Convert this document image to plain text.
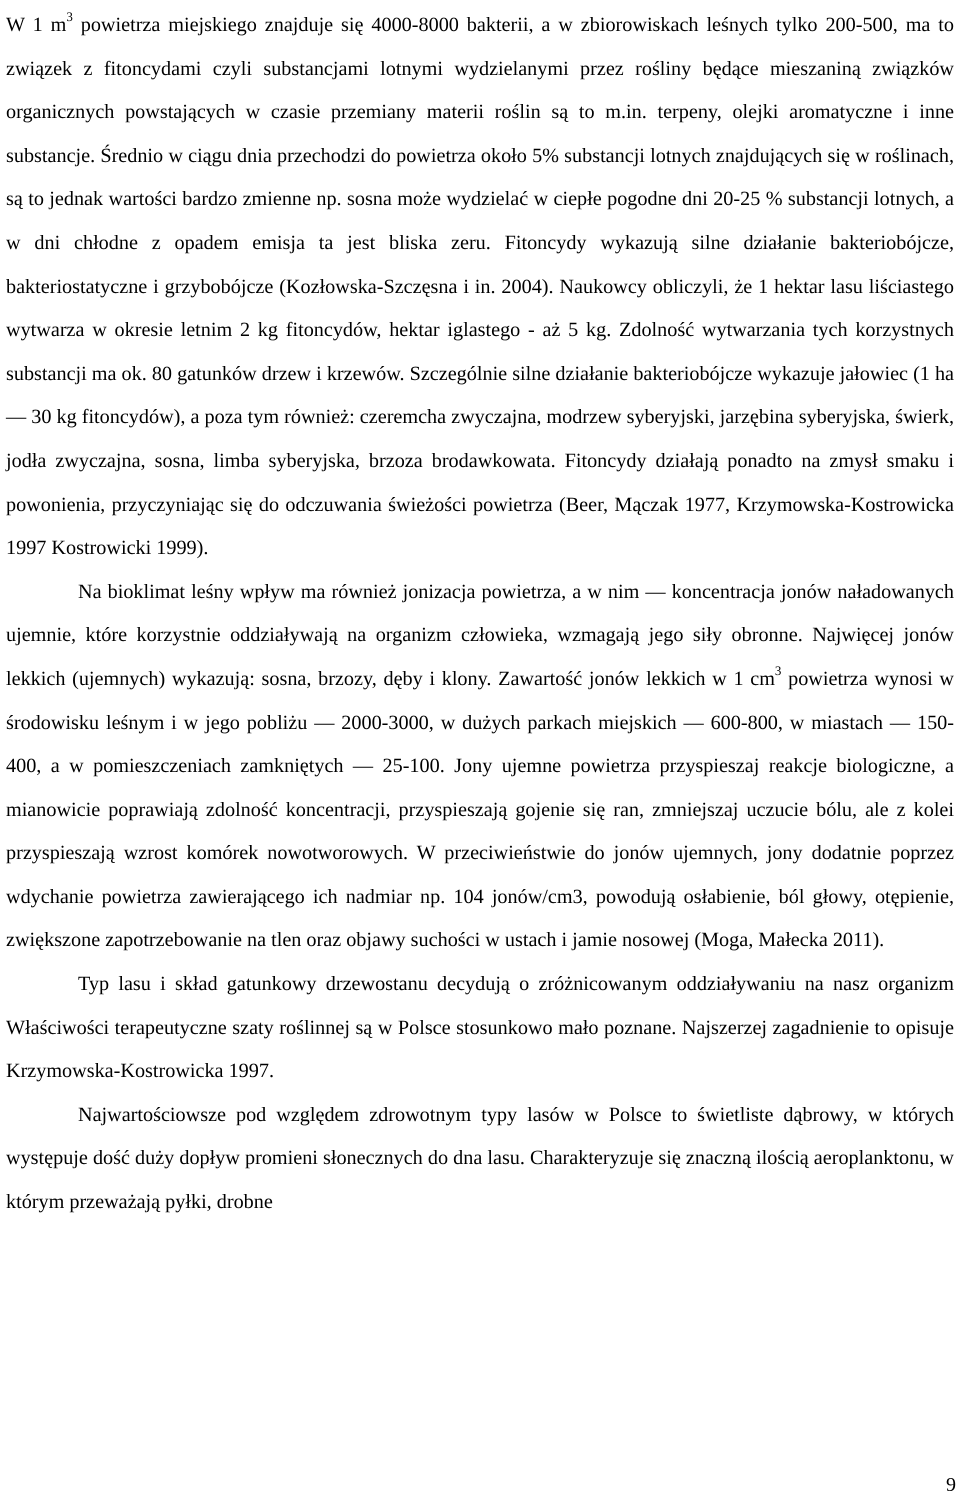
W 1 $m^3$ powietrza miejskiego znajduje się 4000-8000 bakterii, a w zbiorowiskach leśnych tylko 200-500, ma to związek z fitoncydami czyli substancjami lotnymi wydzielanymi przez rośliny będące mieszaniną związków organicznych powstających w czasie przemiany materii roślin są to m.in. terpeny, olejki aromatyczne i inne substancje. Średnio w ciągu dnia przechodzi do powietrza około 5% substancji lotnych znajdujących się w roślinach, są to jednak wartości bardzo zmienne np. sosna może wydzielać w ciepłe pogodne dni 20-25 % substancji lotnych, a w dni chłodne z opadem emisja ta jest bliska zeru. Fitoncydy wykazują silne działanie bakteriobójcze, bakteriostatyczne i grzybobójcze (Kozłowska-Szczęsna i in. 2004). Naukowcy obliczyli, że 1 hektar lasu liściastego wytwarza w okresie letnim 2 kg fitoncydów, hektar iglastego - aż 5 kg. Zdolność wytwarzania tych korzystnych substancji ma ok. 80 gatunków drzew i krzewów. Szczególnie silne działanie bakteriobójcze wykazuje jałowiec (1 ha — 30 kg fitoncydów), a poza tym również: czeremcha zwyczajna, modrzew syberyjski, jarzębina syberyjska, świerk, jodła zwyczajna, sosna, limba syberyjska, brzoza brodawkowata. Fitoncydy działają ponadto na zmysł smaku i powonienia, przyczyniając się do odczuwania świeżości powietrza (Beer, Mączak 1977, Krzymowska-Kostrowicka 1997 Kostrowicki 1999).

Na bioklimat leśny wpływ ma również jonizacja powietrza, a w nim — koncentracja jonów naładowanych ujemnie, które korzystnie oddziaływają na organizm człowieka, wzmagają jego siły obronne. Najwięcej jonów lekkich (ujemnych) wykazują: sosna, brzozy, dęby i klony. Zawartość jonów lekkich w 1 $cm^3$ powietrza wynosi w środowisku leśnym i w jego pobliżu — 2000-3000, w dużych parkach miejskich — 600-800, w miastach — 150-400, a w pomieszczeniach zamkniętych — 25-100. Jony ujemne powietrza przyspieszaj reakcje biologiczne, a mianowicie poprawiają zdolność koncentracji, przyspieszają gojenie się ran, zmniejszaj uczucie bólu, ale z kolei przyspieszają wzrost komórek nowotworowych. W przeciwieństwie do jonów ujemnych, jony dodatnie poprzez wdychanie powietrza zawierającego ich nadmiar np. 104 jonów/cm3, powodują osłabienie, ból głowy, otępienie, zwiększone zapotrzebowanie na tlen oraz objawy suchości w ustach i jamie nosowej (Moga, Małecka 2011).

Typ lasu i skład gatunkowy drzewostanu decydują o zróżnicowanym oddziaływaniu na nasz organizm Właściwości terapeutyczne szaty roślinnej są w Polsce stosunkowo mało poznane. Najszerzej zagadnienie to opisuje Krzymowska-Kostrowicka 1997.

Najwartościowsze pod względem zdrowotnym typy lasów w Polsce to świetliste dąbrowy, w których występuje dość duży dopływ promieni słonecznych do dna lasu. Charakteryzuje się znaczną ilością aeroplanktonu, w którym przeważają pyłki, drobne

9
